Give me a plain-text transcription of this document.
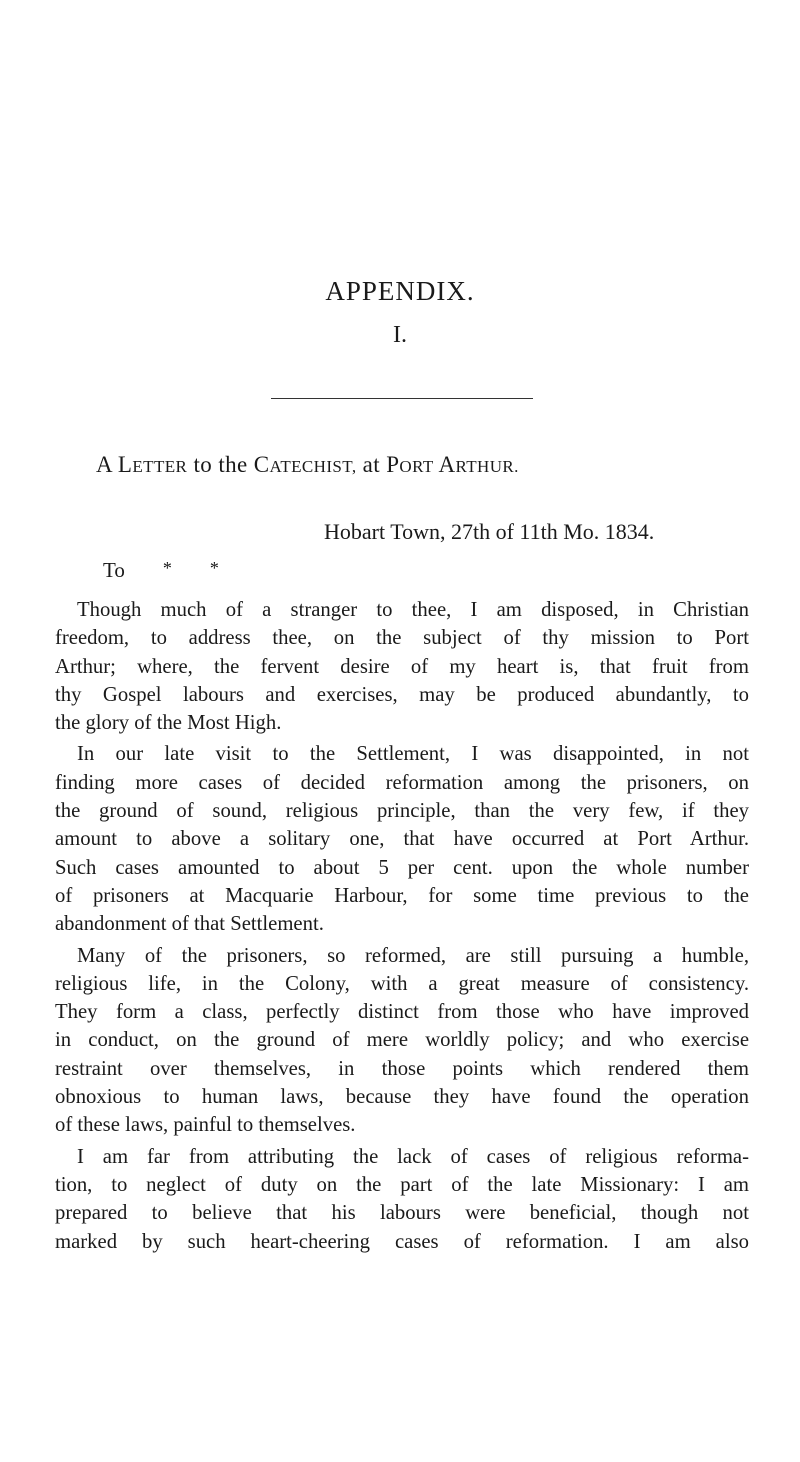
APPENDIX.
I.
A LETTER to the CATECHIST, at PORT ARTHUR.
Hobart Town, 27th of 11th Mo. 1834.
To * *

Though much of a stranger to thee, I am disposed, in Christian
freedom, to address thee, on the subject of thy mission to Port
Arthur; where, the fervent desire of my heart is, that fruit from
thy Gospel labours and exercises, may be produced abundantly, to
the glory of the Most High.

In our late visit to the Settlement, I was disappointed, in not
finding more cases of decided reformation among the prisoners, on
the ground of sound, religious principle, than the very few, if they
amount to above a solitary one, that have occurred at Port Arthur.
Such cases amounted to about 5 per cent. upon the whole number
of prisoners at Macquarie Harbour, for some time previous to the
abandonment of that Settlement.

Many of the prisoners, so reformed, are still pursuing a humble,
religious life, in the Colony, with a great measure of consistency.
They form a class, perfectly distinct from those who have improved
in conduct, on the ground of mere worldly policy; and who exercise
restraint over themselves, in those points which rendered them
obnoxious to human laws, because they have found the operation
of these laws, painful to themselves.

I am far from attributing the lack of cases of religious reforma-
tion, to neglect of duty on the part of the late Missionary: I am
prepared to believe that his labours were beneficial, though not
marked by such heart-cheering cases of reformation. I am also
